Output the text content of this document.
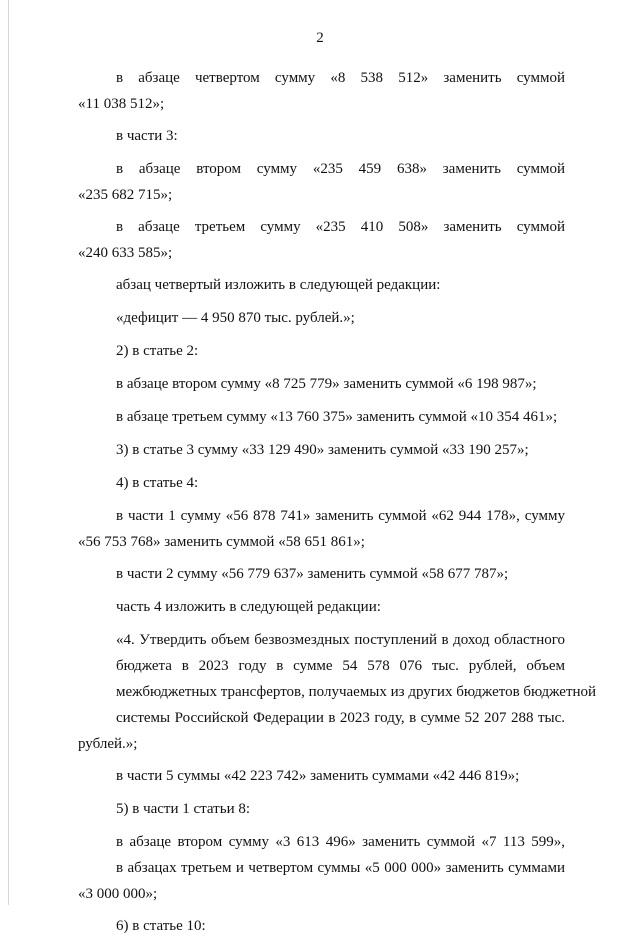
2
в абзаце четвертом сумму «8 538 512» заменить суммой
«11 038 512»;
в части 3:
в абзаце втором сумму «235 459 638» заменить суммой
«235 682 715»;
в абзаце третьем сумму «235 410 508» заменить суммой
«240 633 585»;
абзац четвертый изложить в следующей редакции:
«дефицит — 4 950 870 тыс. рублей.»;
2) в статье 2:
в абзаце втором сумму «8 725 779» заменить суммой «6 198 987»;
в абзаце третьем сумму «13 760 375» заменить суммой «10 354 461»;
3) в статье 3 сумму «33 129 490» заменить суммой «33 190 257»;
4) в статье 4:
в части 1 сумму «56 878 741» заменить суммой «62 944 178», сумму
«56 753 768» заменить суммой «58 651 861»;
в части 2 сумму «56 779 637» заменить суммой «58 677 787»;
часть 4 изложить в следующей редакции:
«4. Утвердить объем безвозмездных поступлений в доход областного
бюджета в 2023 году в сумме 54 578 076 тыс. рублей, объем
межбюджетных трансфертов, получаемых из других бюджетов бюджетной
системы Российской Федерации в 2023 году, в сумме 52 207 288 тыс.
рублей.»;
в части 5 суммы «42 223 742» заменить суммами «42 446 819»;
5) в части 1 статьи 8:
в абзаце втором сумму «3 613 496» заменить суммой «7 113 599»,
в абзацах третьем и четвертом суммы «5 000 000» заменить суммами
«3 000 000»;
6) в статье 10:
